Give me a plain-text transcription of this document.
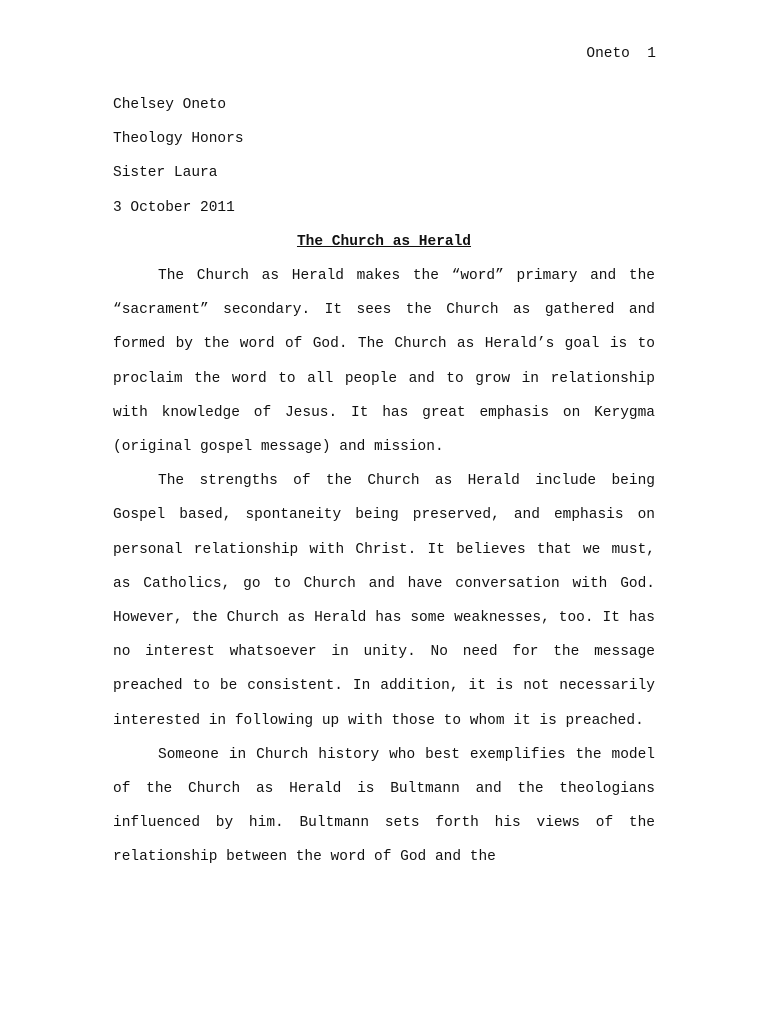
Oneto  1

Chelsey Oneto

Theology Honors

Sister Laura

3 October 2011

The Church as Herald

The Church as Herald makes the “word” primary and the “sacrament” secondary. It sees the Church as gathered and formed by the word of God. The Church as Herald’s goal is to proclaim the word to all people and to grow in relationship with knowledge of Jesus. It has great emphasis on Kerygma (original gospel message) and mission.

The strengths of the Church as Herald include being Gospel based, spontaneity being preserved, and emphasis on personal relationship with Christ. It believes that we must, as Catholics, go to Church and have conversation with God. However, the Church as Herald has some weaknesses, too. It has no interest whatsoever in unity. No need for the message preached to be consistent. In addition, it is not necessarily interested in following up with those to whom it is preached.

Someone in Church history who best exemplifies the model of the Church as Herald is Bultmann and the theologians influenced by him. Bultmann sets forth his views of the relationship between the word of God and the
